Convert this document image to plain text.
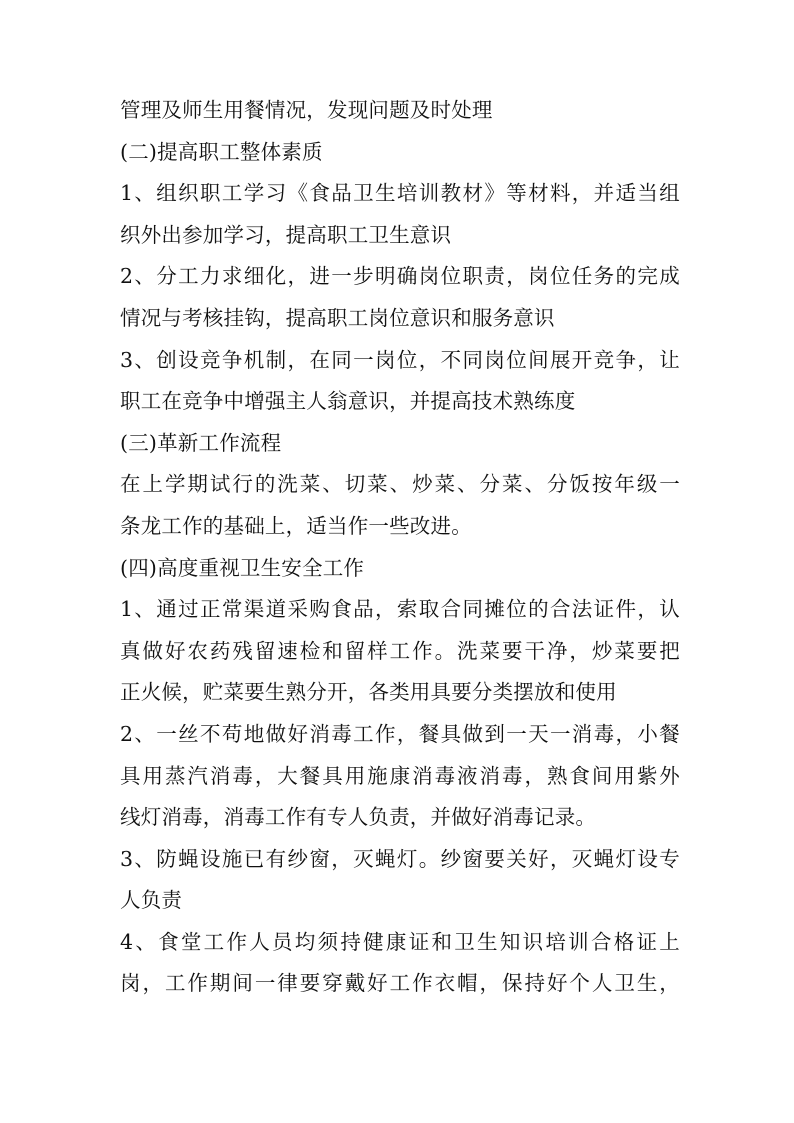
管理及师生用餐情况，发现问题及时处理
(二)提高职工整体素质
1、组织职工学习《食品卫生培训教材》等材料，并适当组
织外出参加学习，提高职工卫生意识
2、分工力求细化，进一步明确岗位职责，岗位任务的完成
情况与考核挂钩，提高职工岗位意识和服务意识
3、创设竞争机制，在同一岗位，不同岗位间展开竞争，让
职工在竞争中增强主人翁意识，并提高技术熟练度
(三)革新工作流程
在上学期试行的洗菜、切菜、炒菜、分菜、分饭按年级一
条龙工作的基础上，适当作一些改进。
(四)高度重视卫生安全工作
1、通过正常渠道采购食品，索取合同摊位的合法证件，认
真做好农药残留速检和留样工作。洗菜要干净，炒菜要把
正火候，贮菜要生熟分开，各类用具要分类摆放和使用
2、一丝不苟地做好消毒工作，餐具做到一天一消毒，小餐
具用蒸汽消毒，大餐具用施康消毒液消毒，熟食间用紫外
线灯消毒，消毒工作有专人负责，并做好消毒记录。
3、防蝇设施已有纱窗，灭蝇灯。纱窗要关好，灭蝇灯设专
人负责
4、食堂工作人员均须持健康证和卫生知识培训合格证上
岗，工作期间一律要穿戴好工作衣帽，保持好个人卫生，
